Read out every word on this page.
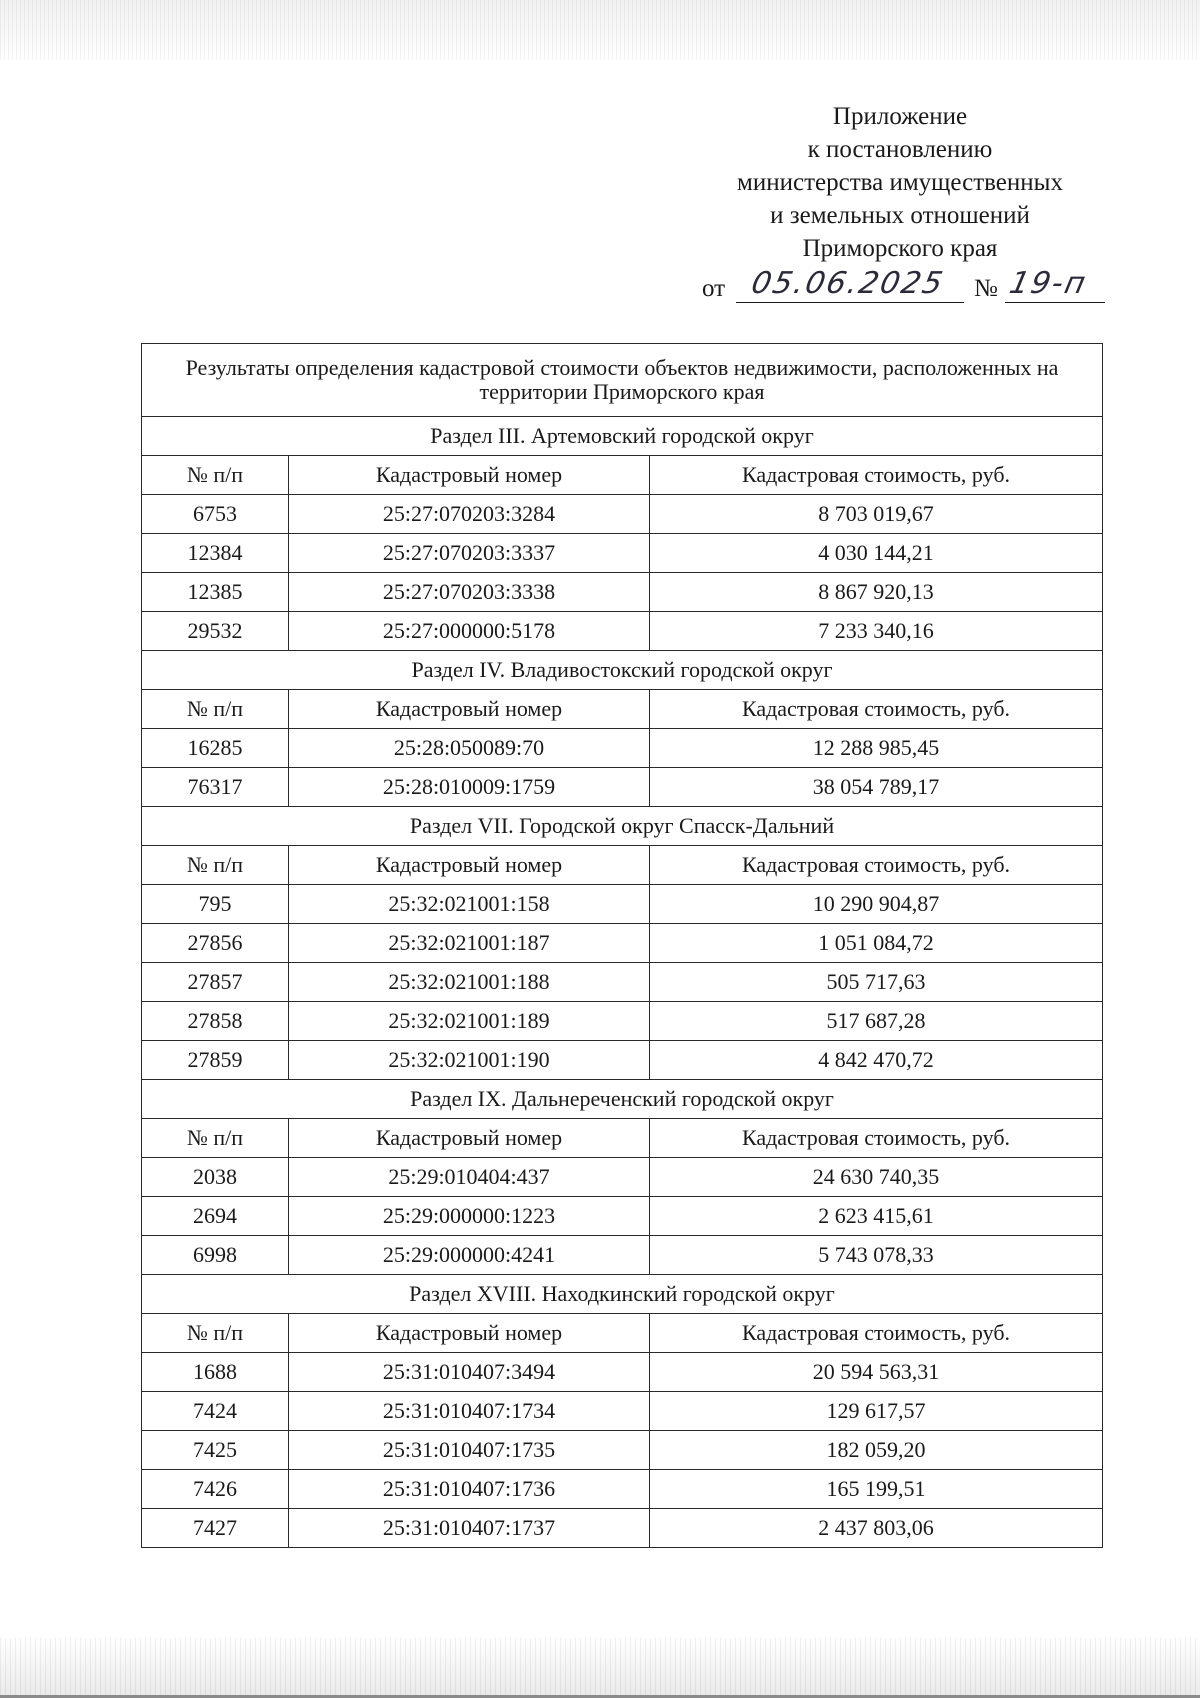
Приложение
к постановлению
министерства имущественных
и земельных отношений
Приморского края
от 05.06.2025 № 19-п
Результаты определения кадастровой стоимости объектов недвижимости, расположенных на территории Приморского края		
Раздел III. Артемовский городской округ		
№ п/п	Кадастровый номер	Кадастровая стоимость, руб.
6753	25:27:070203:3284	8 703 019,67
12384	25:27:070203:3337	4 030 144,21
12385	25:27:070203:3338	8 867 920,13
29532	25:27:000000:5178	7 233 340,16
Раздел IV. Владивостокский городской округ		
№ п/п	Кадастровый номер	Кадастровая стоимость, руб.
16285	25:28:050089:70	12 288 985,45
76317	25:28:010009:1759	38 054 789,17
Раздел VII. Городской округ Спасск-Дальний		
№ п/п	Кадастровый номер	Кадастровая стоимость, руб.
795	25:32:021001:158	10 290 904,87
27856	25:32:021001:187	1 051 084,72
27857	25:32:021001:188	505 717,63
27858	25:32:021001:189	517 687,28
27859	25:32:021001:190	4 842 470,72
Раздел IX. Дальнереченский городской округ		
№ п/п	Кадастровый номер	Кадастровая стоимость, руб.
2038	25:29:010404:437	24 630 740,35
2694	25:29:000000:1223	2 623 415,61
6998	25:29:000000:4241	5 743 078,33
Раздел XVIII. Находкинский городской округ		
№ п/п	Кадастровый номер	Кадастровая стоимость, руб.
1688	25:31:010407:3494	20 594 563,31
7424	25:31:010407:1734	129 617,57
7425	25:31:010407:1735	182 059,20
7426	25:31:010407:1736	165 199,51
7427	25:31:010407:1737	2 437 803,06
